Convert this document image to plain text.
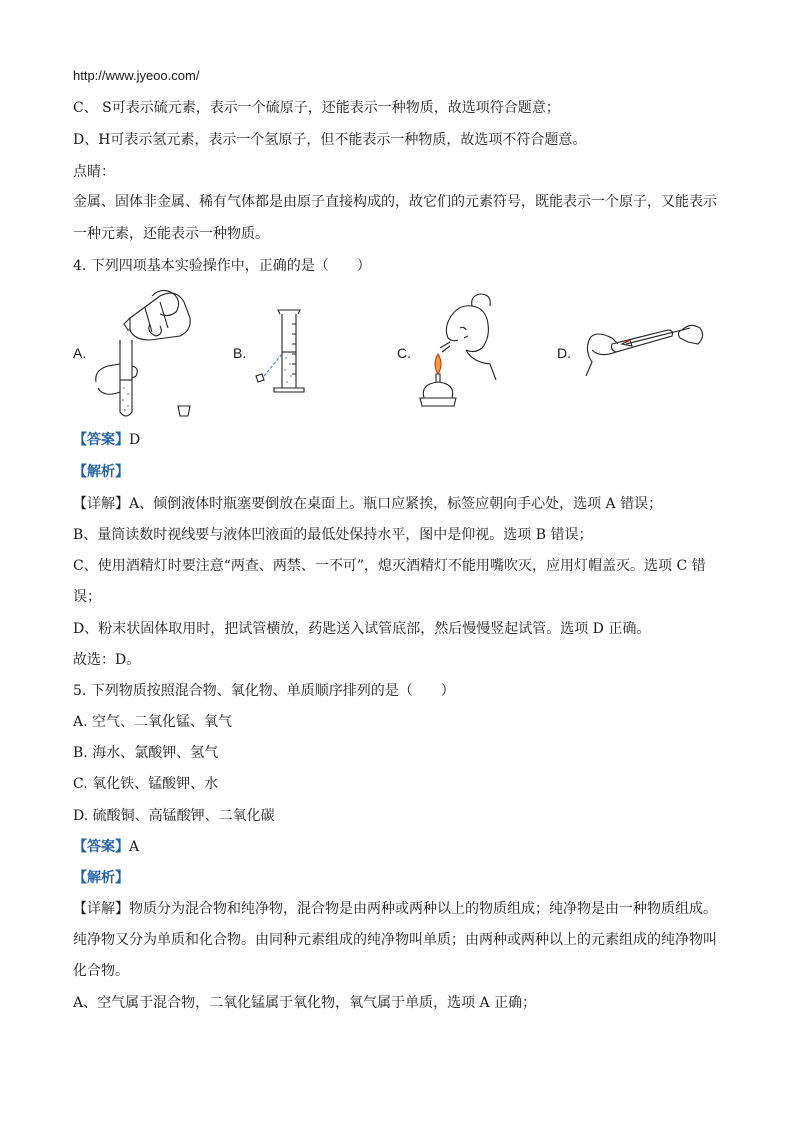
http://www.jyeoo.com/
C、 S可表示硫元素，表示一个硫原子，还能表示一种物质，故选项符合题意；
D、H可表示氢元素，表示一个氢原子，但不能表示一种物质，故选项不符合题意。
点睛：
金属、固体非金属、稀有气体都是由原子直接构成的，故它们的元素符号，既能表示一个原子，又能表示
一种元素，还能表示一种物质。
4. 下列四项基本实验操作中，正确的是（　　）
A.	B.	C.	D.
【答案】D
【解析】
【详解】A、倾倒液体时瓶塞要倒放在桌面上。瓶口应紧挨，标签应朝向手心处，选项 A 错误；
B、量筒读数时视线要与液体凹液面的最低处保持水平，图中是仰视。选项 B 错误；
C、使用酒精灯时要注意“两查、两禁、一不可”，熄灭酒精灯不能用嘴吹灭，应用灯帽盖灭。选项 C 错
误；
D、粉末状固体取用时，把试管横放，药匙送入试管底部，然后慢慢竖起试管。选项 D 正确。
故选：D。
5. 下列物质按照混合物、氧化物、单质顺序排列的是（　　）
A. 空气、二氧化锰、氧气
B. 海水、氯酸钾、氢气
C. 氧化铁、锰酸钾、水
D. 硫酸铜、高锰酸钾、二氧化碳
【答案】A
【解析】
【详解】物质分为混合物和纯净物，混合物是由两种或两种以上的物质组成；纯净物是由一种物质组成。
纯净物又分为单质和化合物。由同种元素组成的纯净物叫单质；由两种或两种以上的元素组成的纯净物叫
化合物。
A、空气属于混合物，二氧化锰属于氧化物，氧气属于单质，选项 A 正确；
